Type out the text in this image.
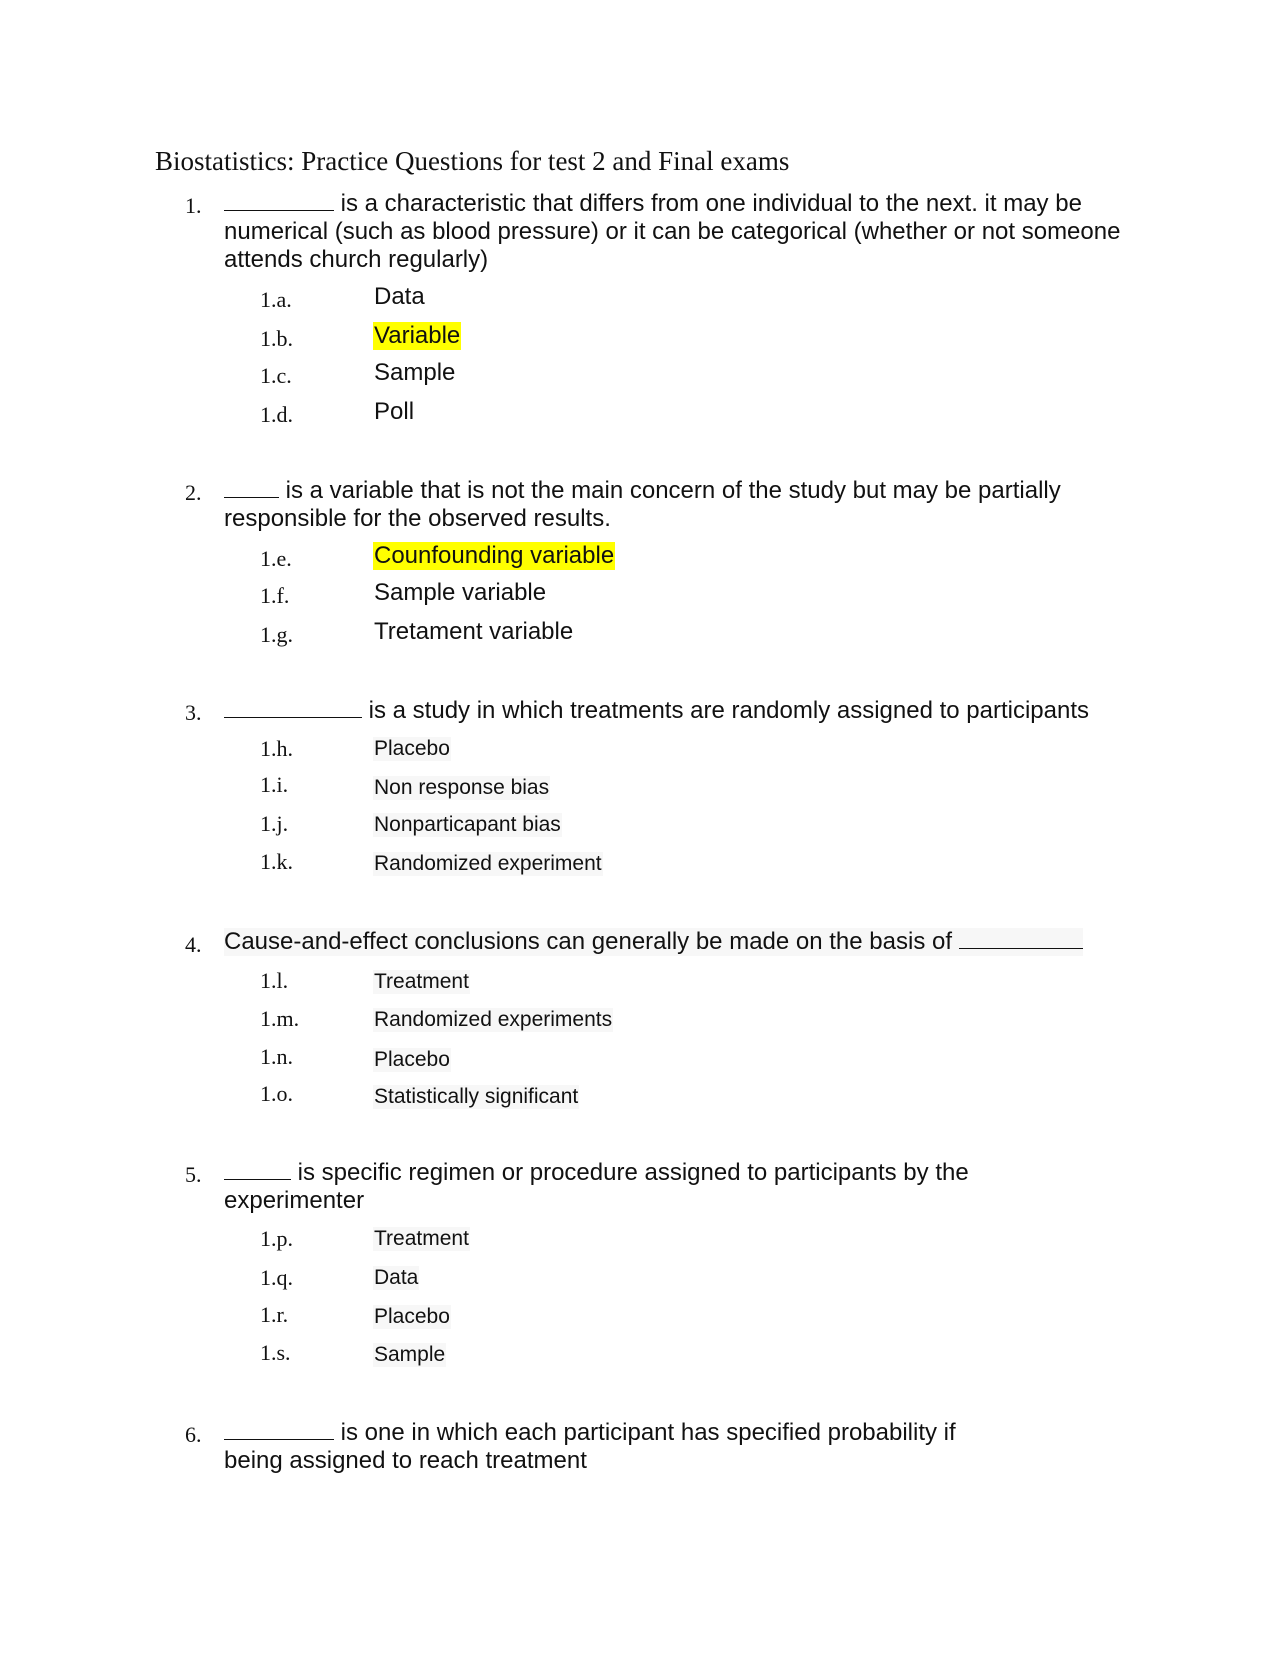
Biostatistics: Practice Questions for test 2 and Final exams
1.	is a characteristic that differs from one individual to the next. it may be numerical (such as blood pressure) or it can be categorical (whether or not someone attends church regularly)
1.a.	Data
1.b.	Variable
1.c.	Sample
1.d.	Poll
2.	is a variable that is not the main concern of the study but may be partially responsible for the observed results.
1.e.	Counfounding variable
1.f.	Sample variable
1.g.	Tretament variable
3.	is a study in which treatments are randomly assigned to participants
1.h.	Placebo
1.i.	Non response bias
1.j.	Nonparticapant bias
1.k.	Randomized experiment
4. Cause-and-effect conclusions can generally be made on the basis of
1.l.	Treatment
1.m.	Randomized experiments
1.n.	Placebo
1.o.	Statistically significant
5.	is specific regimen or procedure assigned to participants by the experimenter
1.p.	Treatment
1.q.	Data
1.r.	Placebo
1.s.	Sample
6.	is one in which each participant has specified probability if being assigned to reach treatment
